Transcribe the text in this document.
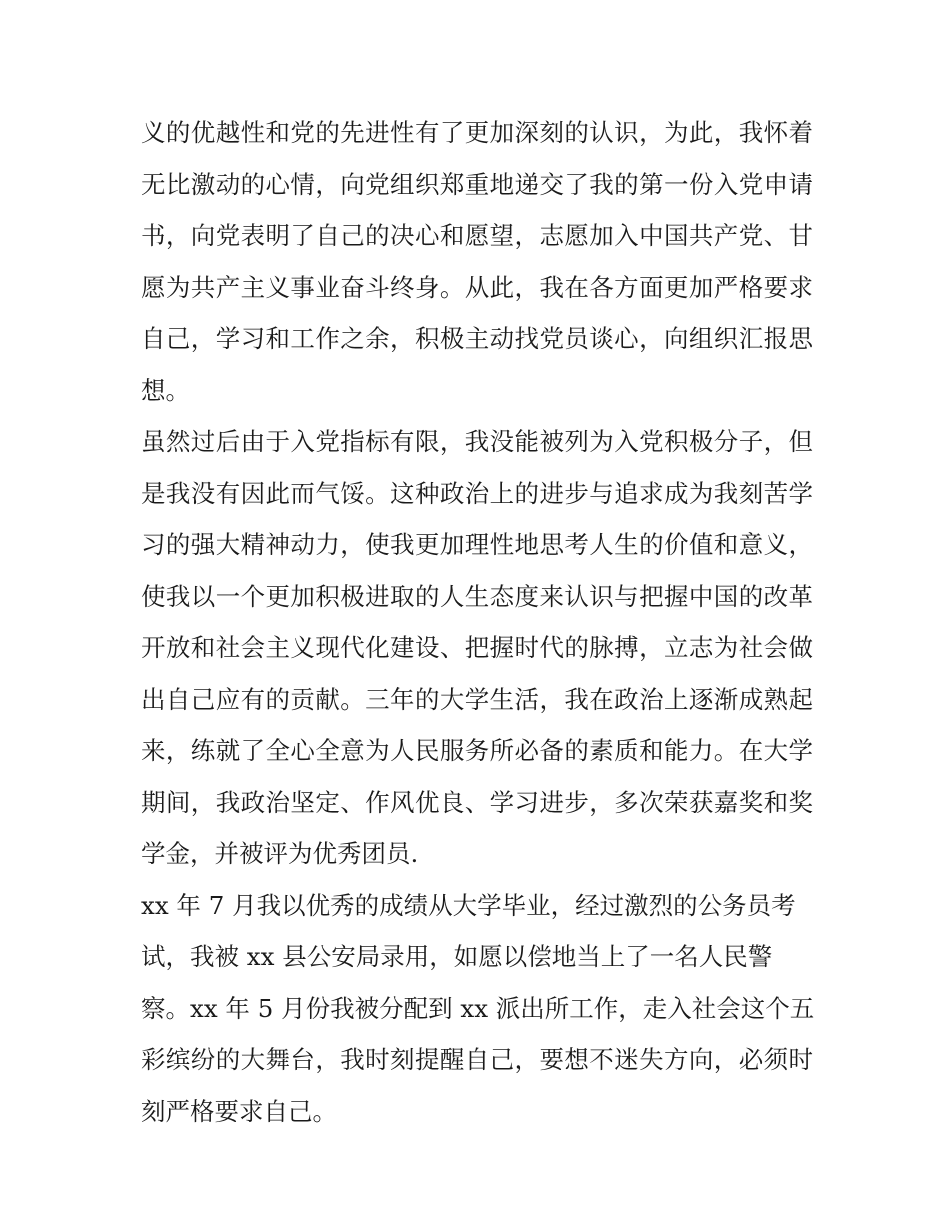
义的优越性和党的先进性有了更加深刻的认识，为此，我怀着
无比激动的心情，向党组织郑重地递交了我的第一份入党申请
书，向党表明了自己的决心和愿望，志愿加入中国共产党、甘
愿为共产主义事业奋斗终身。从此，我在各方面更加严格要求
自己，学习和工作之余，积极主动找党员谈心，向组织汇报思
想。
虽然过后由于入党指标有限，我没能被列为入党积极分子，但
是我没有因此而气馁。这种政治上的进步与追求成为我刻苦学
习的强大精神动力，使我更加理性地思考人生的价值和意义，
使我以一个更加积极进取的人生态度来认识与把握中国的改革
开放和社会主义现代化建设、把握时代的脉搏，立志为社会做
出自己应有的贡献。三年的大学生活，我在政治上逐渐成熟起
来，练就了全心全意为人民服务所必备的素质和能力。在大学
期间，我政治坚定、作风优良、学习进步，多次荣获嘉奖和奖
学金，并被评为优秀团员.
xx 年 7 月我以优秀的成绩从大学毕业，经过激烈的公务员考
试，我被 xx 县公安局录用，如愿以偿地当上了一名人民警
察。xx 年 5 月份我被分配到 xx 派出所工作，走入社会这个五
彩缤纷的大舞台，我时刻提醒自己，要想不迷失方向，必须时
刻严格要求自己。
